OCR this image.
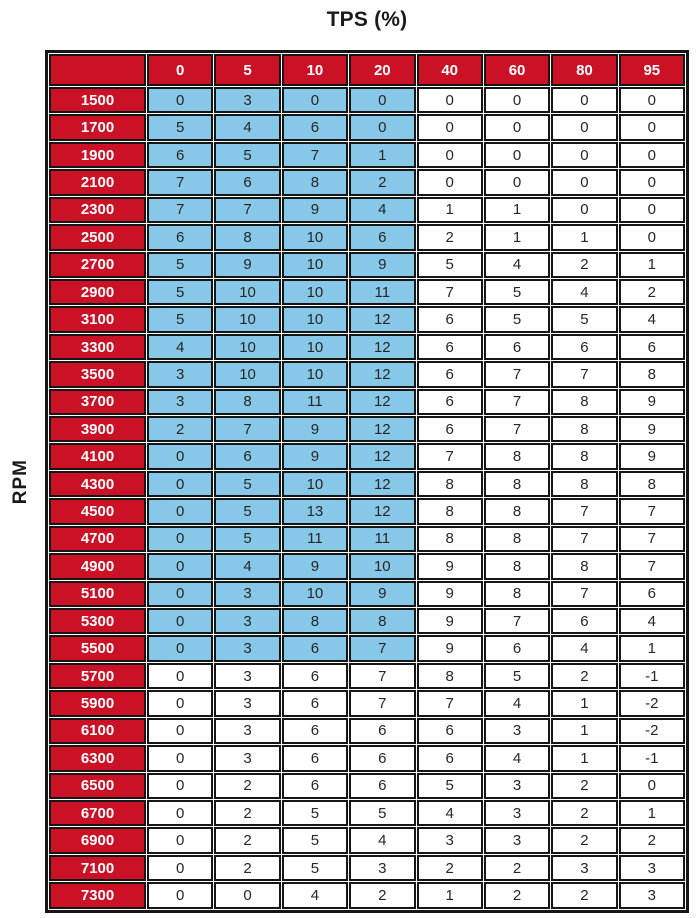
TPS (%)
RPM
	0	5	10	20	40	60	80	95
1500	0	3	0	0	0	0	0	0
1700	5	4	6	0	0	0	0	0
1900	6	5	7	1	0	0	0	0
2100	7	6	8	2	0	0	0	0
2300	7	7	9	4	1	1	0	0
2500	6	8	10	6	2	1	1	0
2700	5	9	10	9	5	4	2	1
2900	5	10	10	11	7	5	4	2
3100	5	10	10	12	6	5	5	4
3300	4	10	10	12	6	6	6	6
3500	3	10	10	12	6	7	7	8
3700	3	8	11	12	6	7	8	9
3900	2	7	9	12	6	7	8	9
4100	0	6	9	12	7	8	8	9
4300	0	5	10	12	8	8	8	8
4500	0	5	13	12	8	8	7	7
4700	0	5	11	11	8	8	7	7
4900	0	4	9	10	9	8	8	7
5100	0	3	10	9	9	8	7	6
5300	0	3	8	8	9	7	6	4
5500	0	3	6	7	9	6	4	1
5700	0	3	6	7	8	5	2	-1
5900	0	3	6	7	7	4	1	-2
6100	0	3	6	6	6	3	1	-2
6300	0	3	6	6	6	4	1	-1
6500	0	2	6	6	5	3	2	0
6700	0	2	5	5	4	3	2	1
6900	0	2	5	4	3	3	2	2
7100	0	2	5	3	2	2	3	3
7300	0	0	4	2	1	2	2	3
